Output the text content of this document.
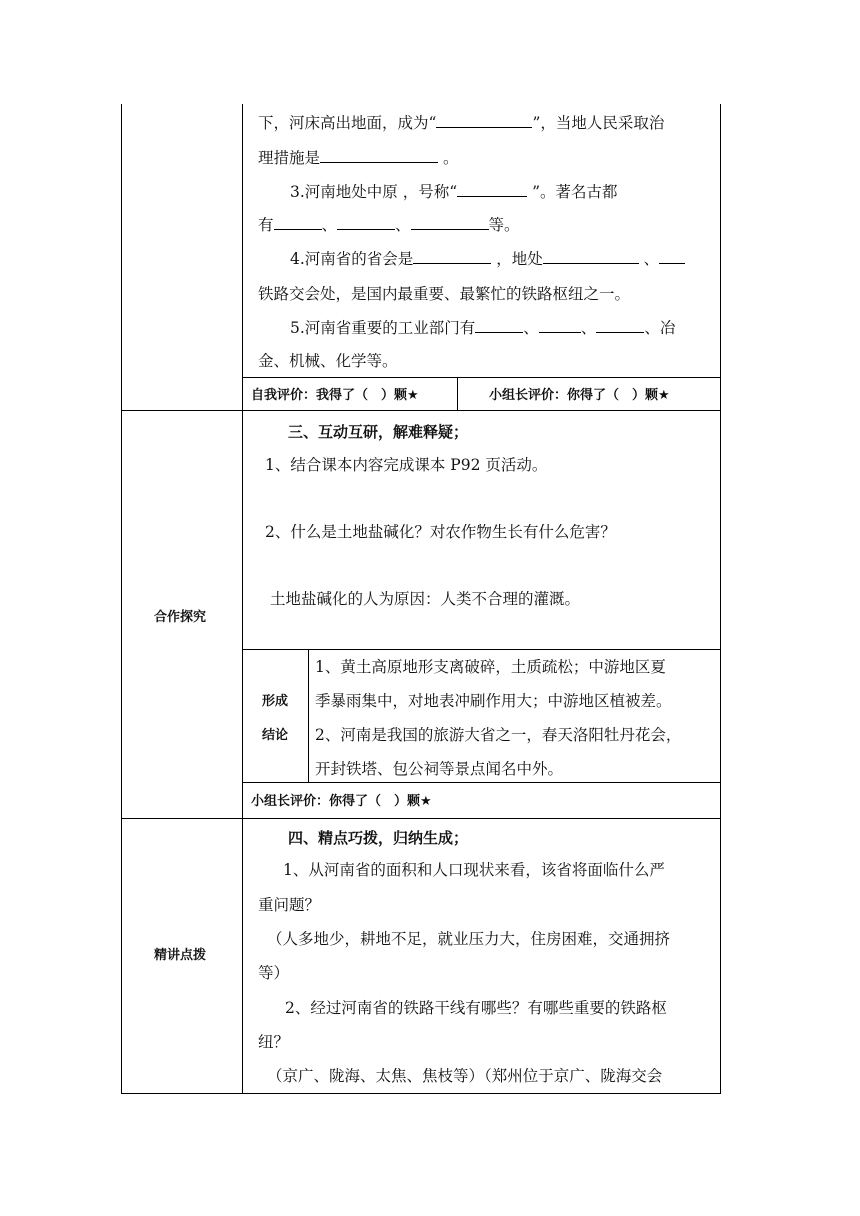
下，河床高出地面，成为“	”，当地人民采取治
理措施是	。
3.河南地处中原 ，号称“	”。著名古都
有	、	、	等。
4.河南省的省会是	，地处	、
铁路交会处，是国内最重要、最繁忙的铁路枢纽之一。
5.河南省重要的工业部门有	、	、	、冶
金、机械、化学等。
自我评价：我得了（　）颗★	小组长评价：你得了（　）颗★
合作探究
三、互动互研，解难释疑；
1、结合课本内容完成课本 P92 页活动。
2、什么是土地盐碱化？对农作物生长有什么危害？
土地盐碱化的人为原因：人类不合理的灌溉。
形成
结论
1、黄土高原地形支离破碎，土质疏松；中游地区夏
季暴雨集中，对地表冲刷作用大；中游地区植被差。
2、河南是我国的旅游大省之一，春天洛阳牡丹花会，
开封铁塔、包公祠等景点闻名中外。
小组长评价：你得了（　）颗★
精讲点拨
四、精点巧拨，归纳生成；
1、从河南省的面积和人口现状来看，该省将面临什么严
重问题？
（人多地少，耕地不足，就业压力大，住房困难，交通拥挤
等）
2、经过河南省的铁路干线有哪些？有哪些重要的铁路枢
纽？
（京广、陇海、太焦、焦枝等）（郑州位于京广、陇海交会
